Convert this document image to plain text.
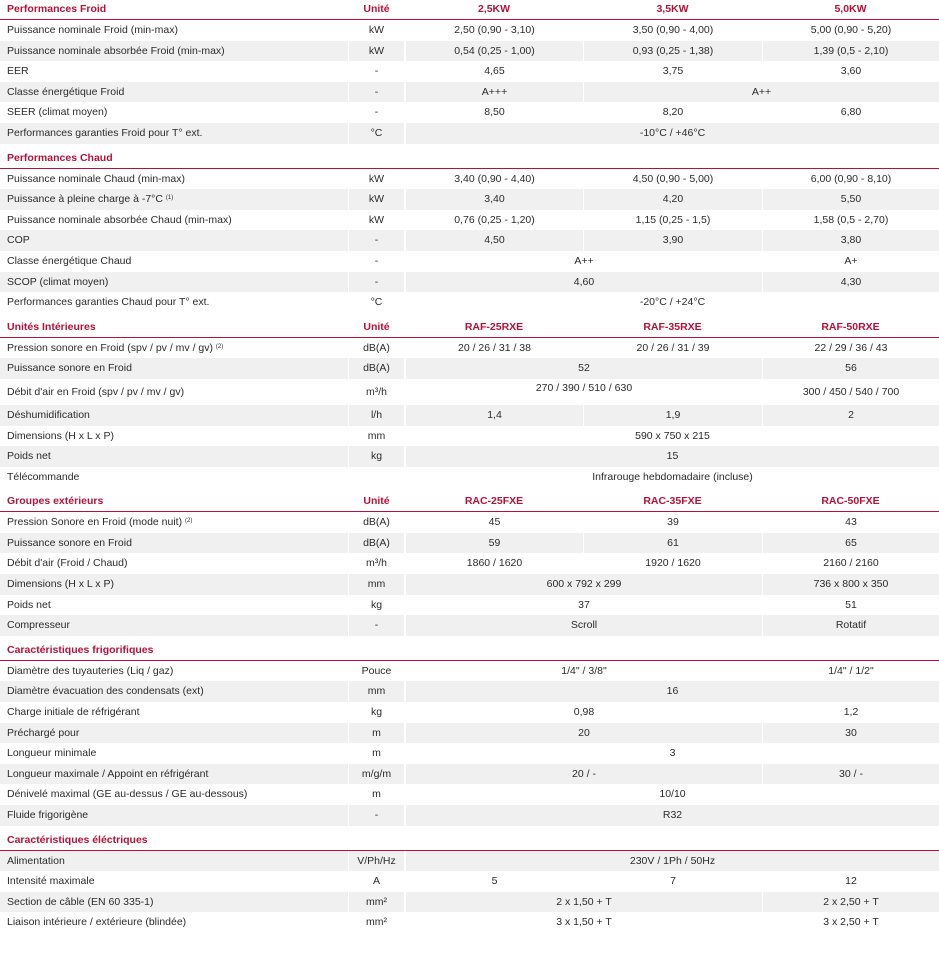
Performances Froid	Unité	2,5KW	3,5KW	5,0KW
Puissance nominale Froid (min-max)	kW	2,50 (0,90 - 3,10)	3,50 (0,90 - 4,00)	5,00 (0,90 - 5,20)
Puissance nominale absorbée Froid (min-max)	kW	0,54 (0,25 - 1,00)	0,93 (0,25 - 1,38)	1,39 (0,5 - 2,10)
EER	-	4,65	3,75	3,60
Classe énergétique Froid	-	A+++	A++	
SEER (climat moyen)	-	8,50	8,20	6,80
Performances garanties Froid pour T° ext.	°C	-10°C / +46°C		

Performances Chaud				
Puissance nominale Chaud (min-max)	kW	3,40 (0,90 - 4,40)	4,50 (0,90 - 5,00)	6,00 (0,90 - 8,10)
Puissance à pleine charge à -7°C $^{(1)}$	kW	3,40	4,20	5,50
Puissance nominale absorbée Chaud (min-max)	kW	0,76 (0,25 - 1,20)	1,15 (0,25 - 1,5)	1,58 (0,5 - 2,70)
COP	-	4,50	3,90	3,80
Classe énergétique Chaud	-	A++		A+
SCOP (climat moyen)	-	4,60		4,30
Performances garanties Chaud pour T° ext.	°C	-20°C / +24°C		

Unités Intérieures	Unité	RAF-25RXE	RAF-35RXE	RAF-50RXE
Pression sonore en Froid (spv / pv / mv / gv) $^{(2)}$	dB(A)	20 / 26 / 31 / 38	20 / 26 / 31 / 39	22 / 29 / 36 / 43
Puissance sonore en Froid	dB(A)	52		56
Débit d'air en Froid (spv / pv / mv / gv)	m³/h	270 / 390 / 510 / 630		300 / 450 / 540 / 700
Déshumidification	l/h	1,4	1,9	2
Dimensions (H x L x P)	mm	590 x 750 x 215		
Poids net	kg	15		
Télécommande		Infrarouge hebdomadaire (incluse)		

Groupes extérieurs	Unité	RAC-25FXE	RAC-35FXE	RAC-50FXE
Pression Sonore en Froid (mode nuit) $^{(2)}$	dB(A)	45	39	43
Puissance sonore en Froid	dB(A)	59	61	65
Débit d'air (Froid / Chaud)	m³/h	1860 / 1620	1920 / 1620	2160 / 2160
Dimensions (H x L x P)	mm	600 x 792 x 299		736 x 800 x 350
Poids net	kg	37		51
Compresseur	-	Scroll		Rotatif

Caractéristiques frigorifiques				
Diamètre des tuyauteries (Liq / gaz)	Pouce	1/4" / 3/8"		1/4" / 1/2"
Diamètre évacuation des condensats (ext)	mm	16		
Charge initiale de réfrigérant	kg	0,98		1,2
Préchargé pour	m	20		30
Longueur minimale	m	3		
Longueur maximale / Appoint en réfrigérant	m/g/m	20 / -		30 / -
Dénivelé maximal (GE au-dessus / GE au-dessous)	m	10/10		
Fluide frigorigène	-	R32		

Caractéristiques éléctriques				
Alimentation	V/Ph/Hz	230V / 1Ph / 50Hz		
Intensité maximale	A	5	7	12
Section de câble (EN 60 335-1)	mm²	2 x 1,50 + T		2 x 2,50 + T
Liaison intérieure / extérieure (blindée)	mm²	3 x 1,50 + T		3 x 2,50 + T
